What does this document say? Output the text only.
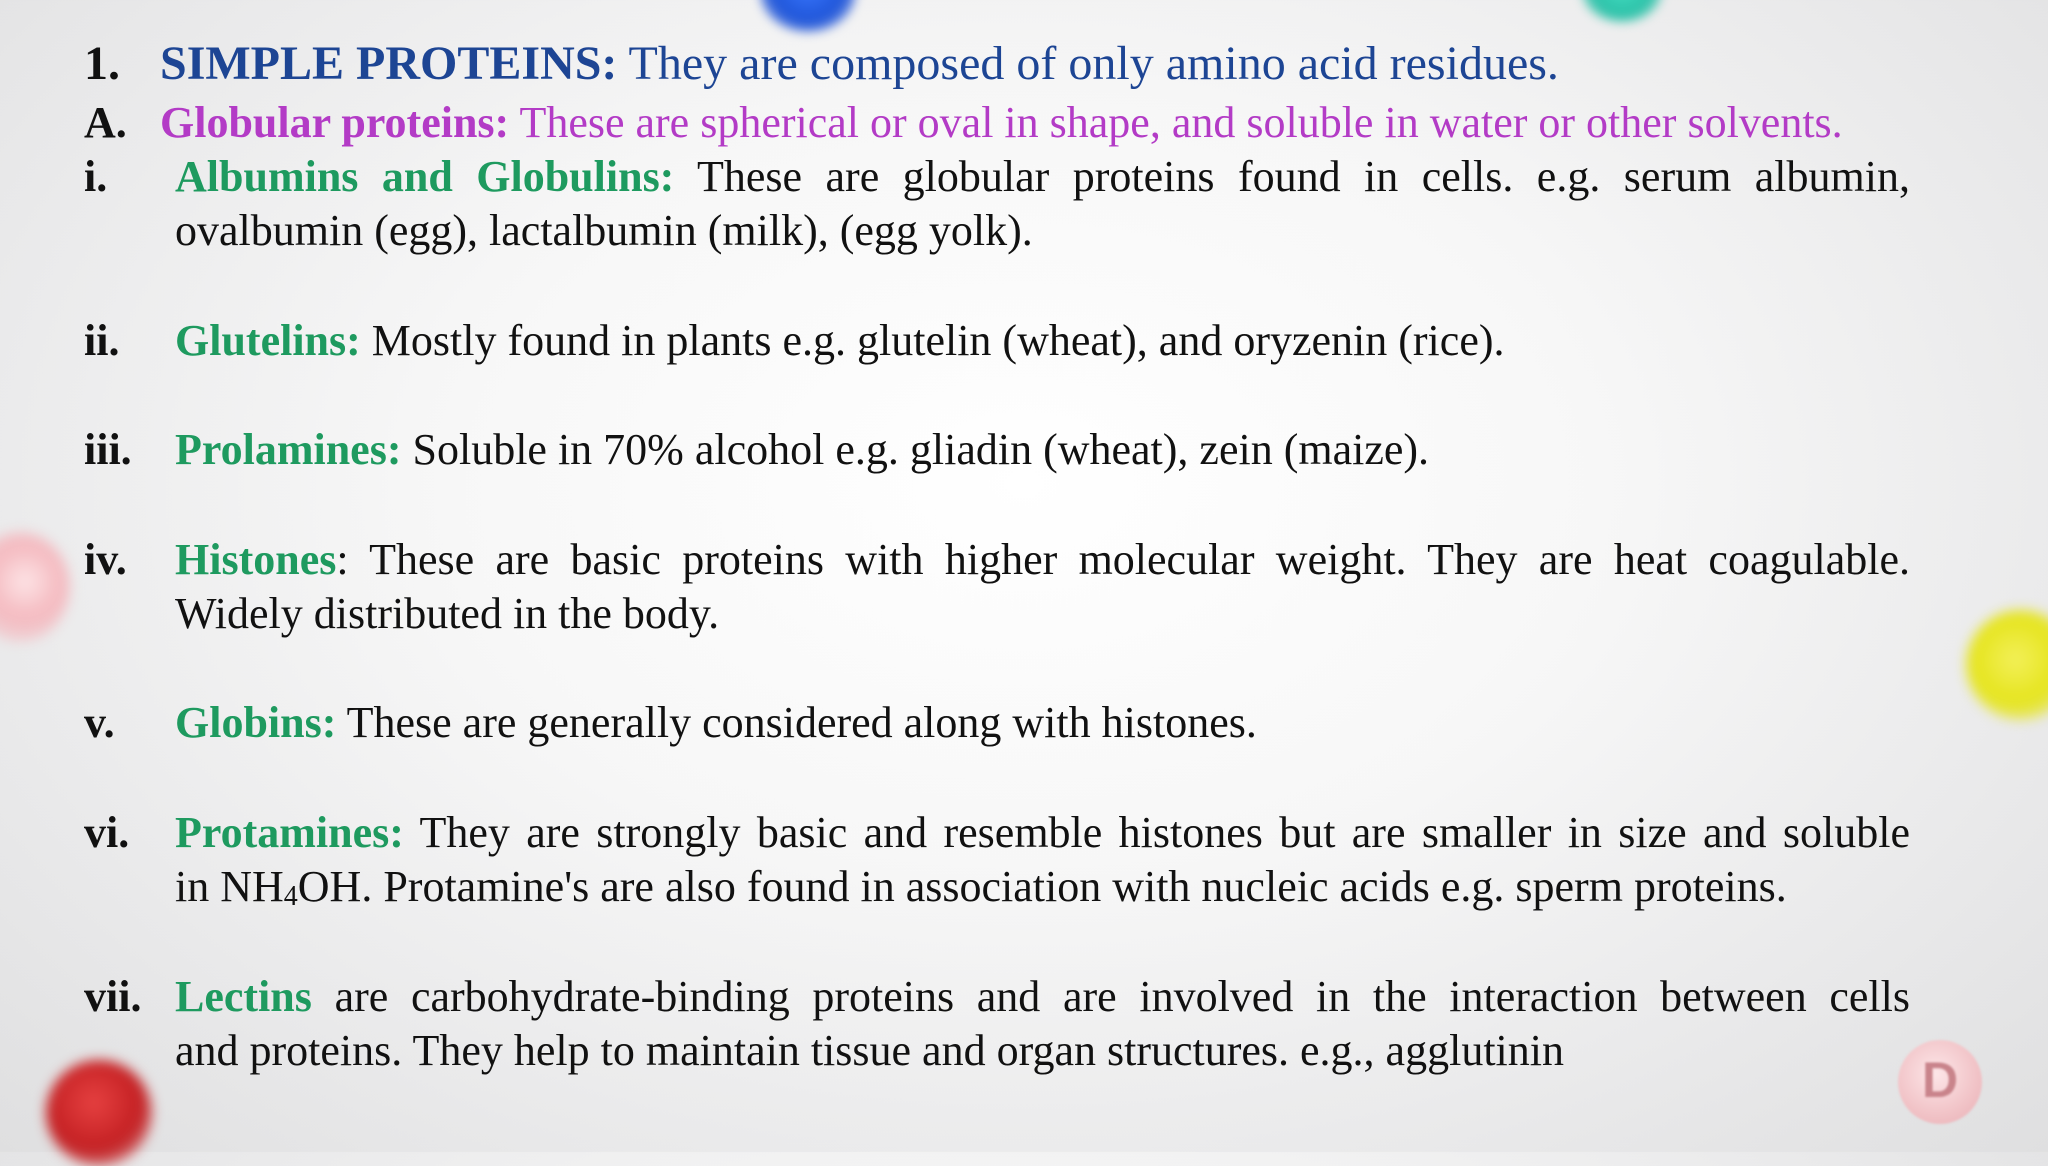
D
1. SIMPLE PROTEINS: They are composed of only amino acid residues.
A. Globular proteins: These are spherical or oval in shape, and soluble in water or other solvents.
i. Albumins and Globulins: These are globular proteins found in cells. e.g. serum albumin,
ovalbumin (egg), lactalbumin (milk), (egg yolk).
ii. Glutelins: Mostly found in plants e.g. glutelin (wheat), and oryzenin (rice).
iii. Prolamines: Soluble in 70% alcohol e.g. gliadin (wheat), zein (maize).
iv. Histones: These are basic proteins with higher molecular weight. They are heat coagulable.
Widely distributed in the body.
v. Globins: These are generally considered along with histones.
vi. Protamines: They are strongly basic and resemble histones but are smaller in size and soluble
in $NH_4OH$. Protamine's are also found in association with nucleic acids e.g. sperm proteins.
vii. Lectins are carbohydrate-binding proteins and are involved in the interaction between cells
and proteins. They help to maintain tissue and organ structures. e.g., agglutinin
